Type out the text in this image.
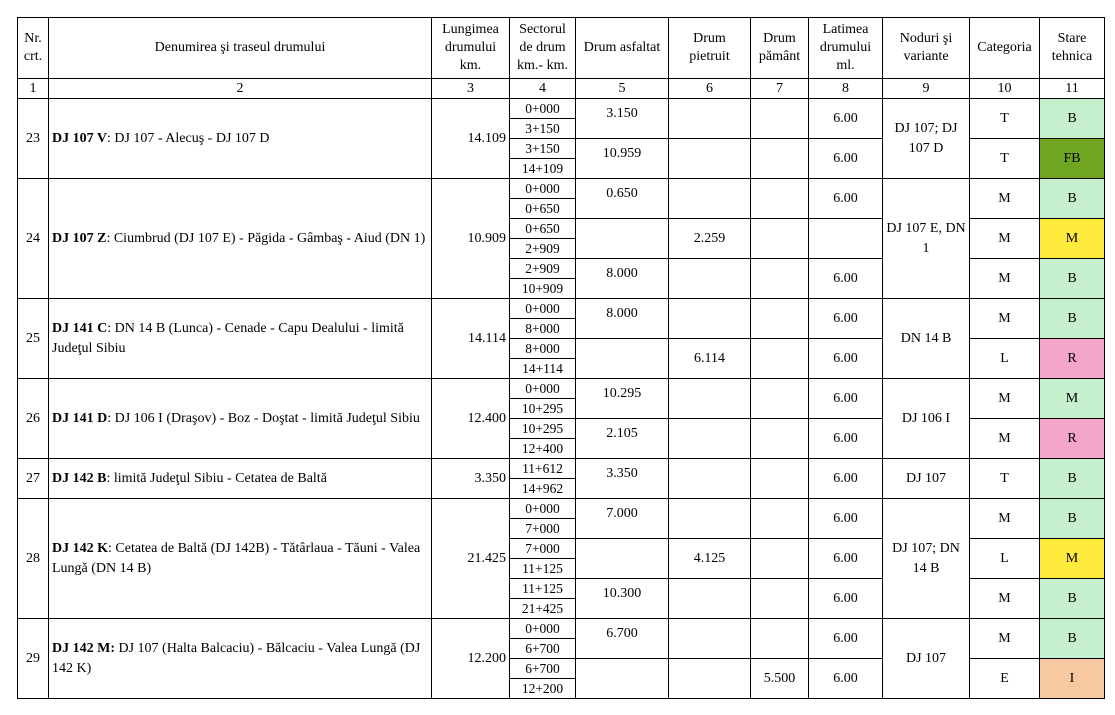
Nr. crt.	Denumirea şi traseul drumului	Lungimea drumului km.	Sectorul de drum km.- km.	Drum asfaltat	Drum pietruit	Drum pământ	Latimea drumului ml.	Noduri şi variante	Categoria	Stare tehnica
1	2	3	4	5	6	7	8	9	10	11
23	DJ 107 V: DJ 107 - Alecuş - DJ 107 D	14.109	0+000	3.150			6.00	DJ 107; DJ 107 D	T	B
			3+150							
			3+150	10.959			6.00		T	FB
			14+109							
24	DJ 107 Z: Ciumbrud (DJ 107 E) - Păgida - Gâmbaş - Aiud (DN 1)	10.909	0+000	0.650			6.00	DJ 107 E, DN 1	M	B
			0+650							
			0+650		2.259				M	M
			2+909							
			2+909	8.000			6.00		M	B
			10+909							
25	DJ 141 C: DN 14 B (Lunca) - Cenade - Capu Dealului - limită Judeţul Sibiu	14.114	0+000	8.000			6.00	DN 14 B	M	B
			8+000							
			8+000		6.114		6.00		L	R
			14+114							
26	DJ 141 D: DJ 106 I (Draşov) - Boz - Doştat - limită Judeţul Sibiu	12.400	0+000	10.295			6.00	DJ 106 I	M	M
			10+295							
			10+295	2.105			6.00		M	R
			12+400							
27	DJ 142 B: limită Judeţul Sibiu - Cetatea de Baltă	3.350	11+612	3.350			6.00	DJ 107	T	B
			14+962							
28	DJ 142 K: Cetatea de Baltă (DJ 142B) - Tătârlaua - Tăuni - Valea Lungă (DN 14 B)	21.425	0+000	7.000			6.00	DJ 107; DN 14 B	M	B
			7+000							
			7+000		4.125		6.00		L	M
			11+125							
			11+125	10.300			6.00		M	B
			21+425							
29	DJ 142 M: DJ 107 (Halta Balcaciu) - Bălcaciu - Valea Lungă (DJ 142 K)	12.200	0+000	6.700			6.00	DJ 107	M	B
			6+700							
			6+700			5.500	6.00		E	I
			12+200							
